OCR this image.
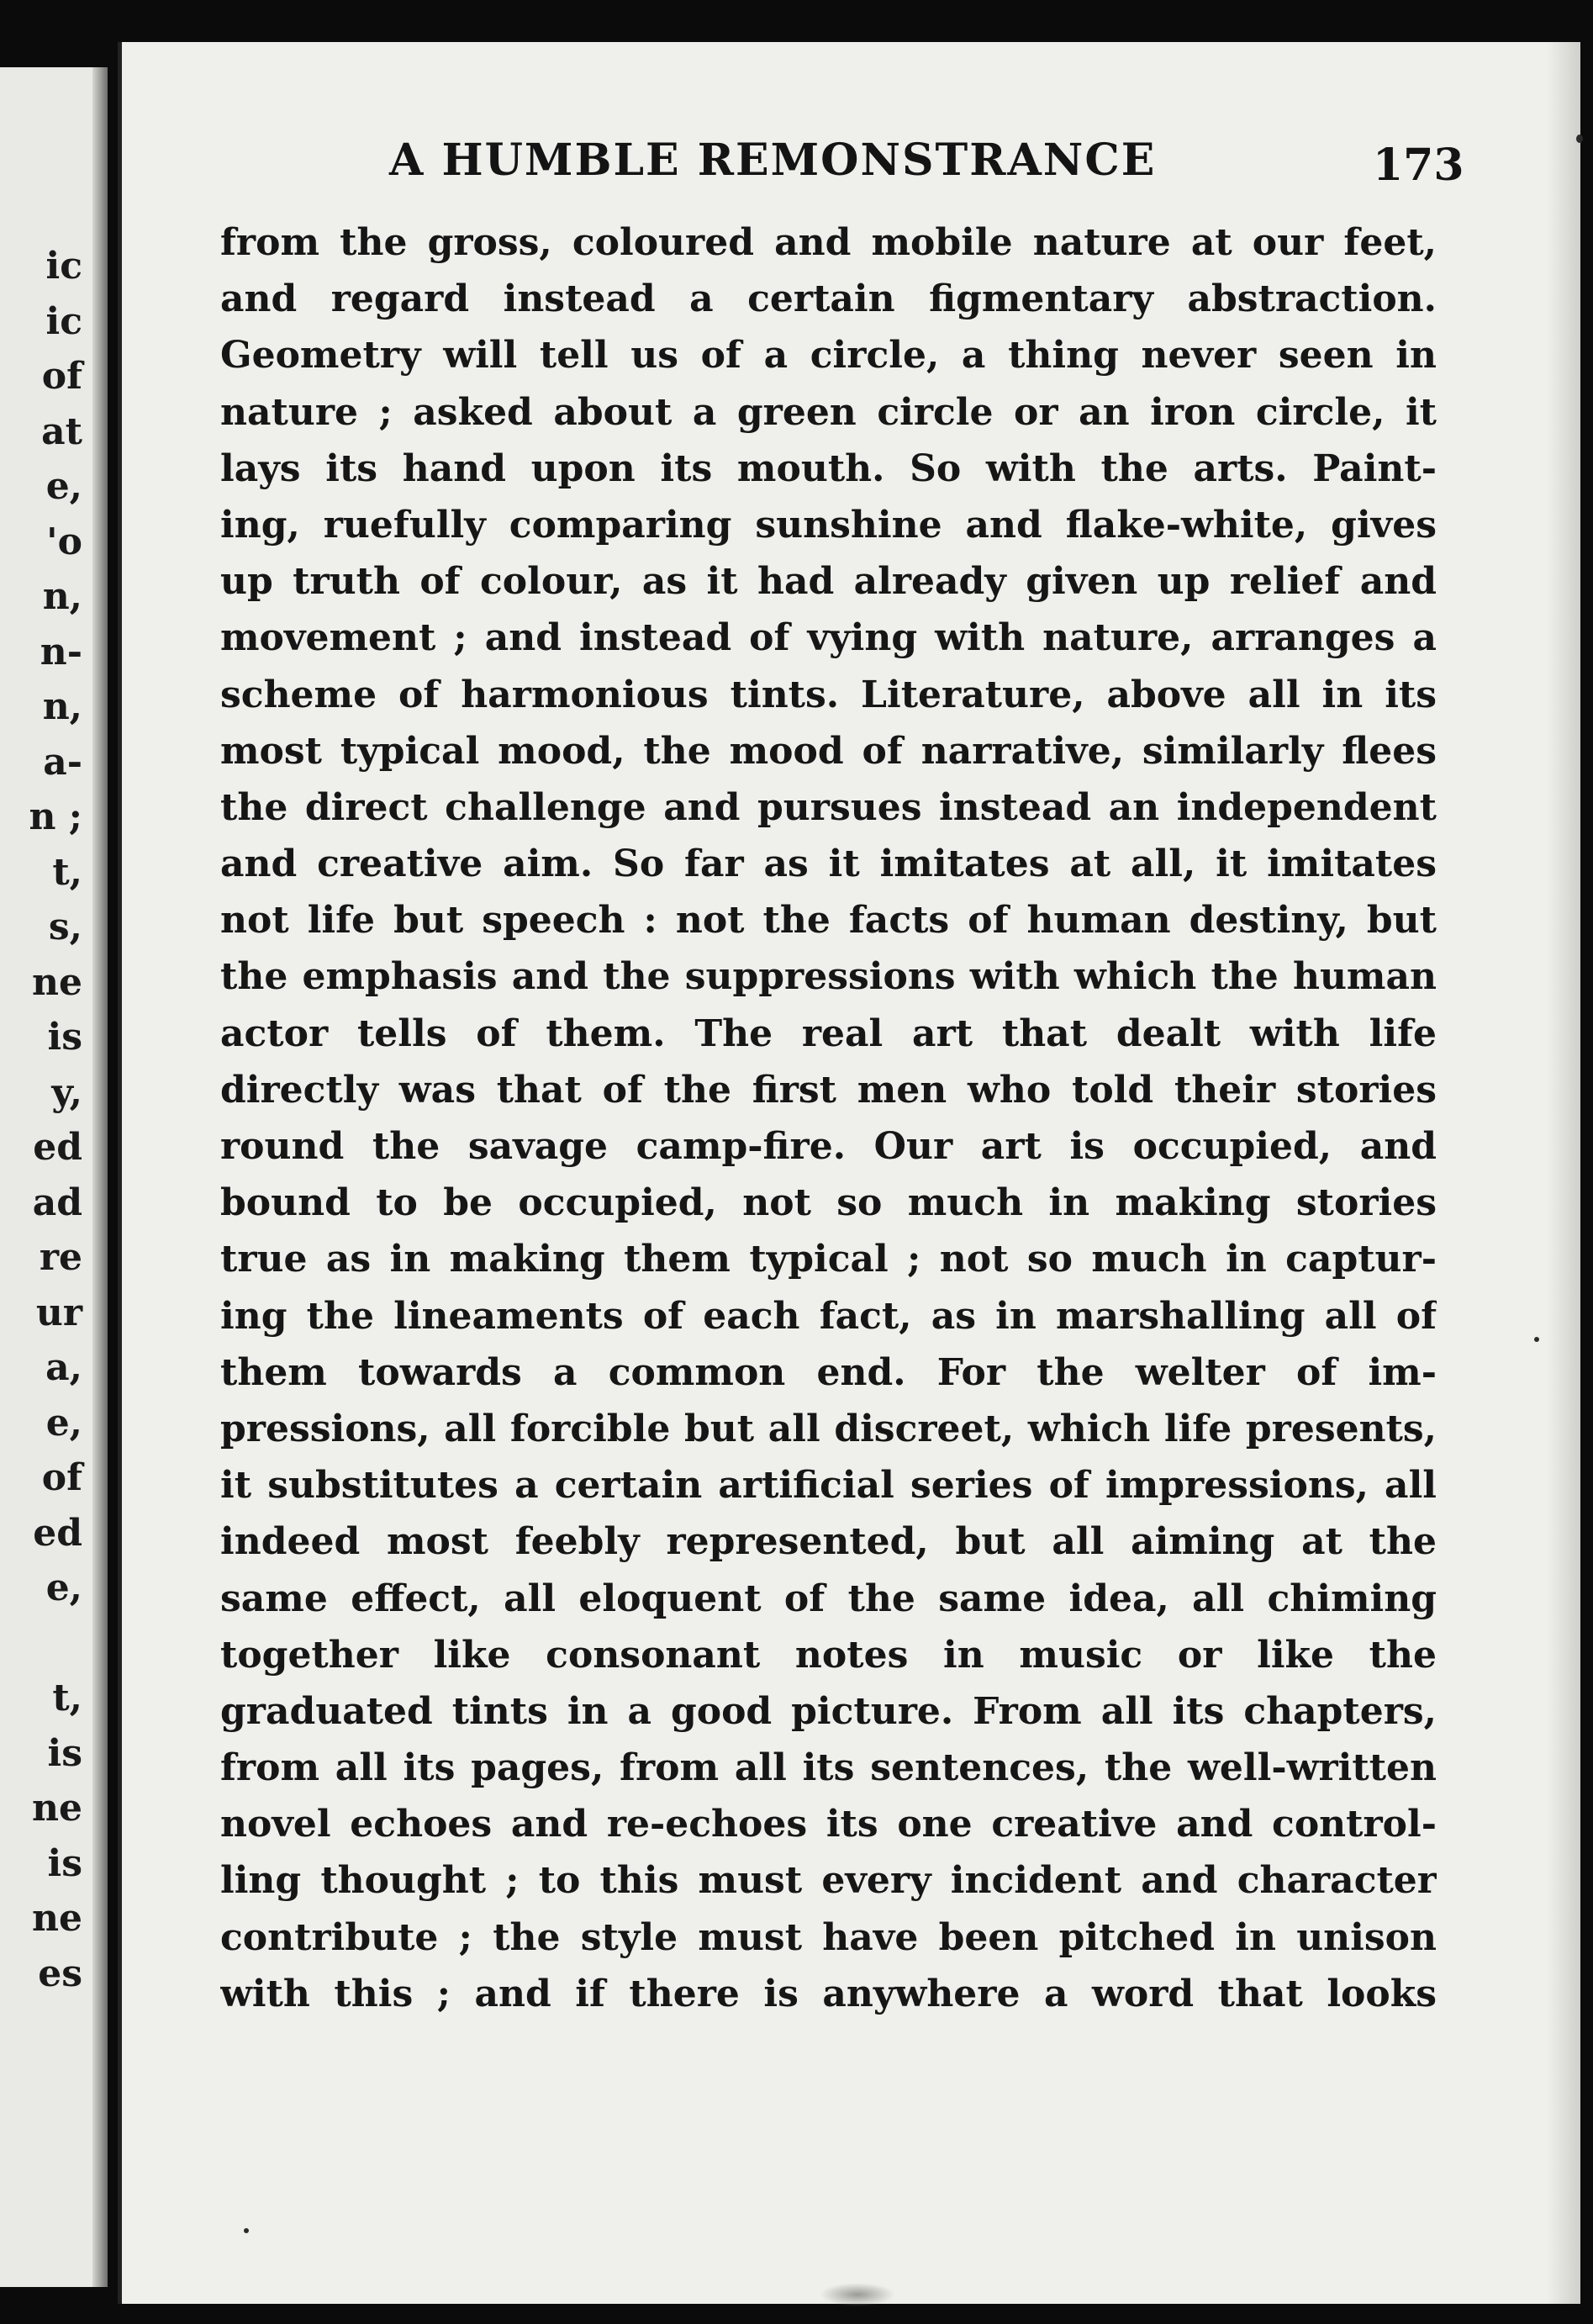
ic
ic
of
at
e,
'o
n,
n-
n,
a-
n ;
t,
s,
ne
is
y,
ed
ad
re
ur
a,
e,
of
ed
e,
t,
is
ne
is
ne
es
A HUMBLE REMONSTRANCE	173
from the gross, coloured and mobile nature at our feet,
and regard instead a certain figmentary abstraction.
Geometry will tell us of a circle, a thing never seen in
nature ; asked about a green circle or an iron circle, it
lays its hand upon its mouth. So with the arts. Paint-
ing, ruefully comparing sunshine and flake-white, gives
up truth of colour, as it had already given up relief and
movement ; and instead of vying with nature, arranges a
scheme of harmonious tints. Literature, above all in its
most typical mood, the mood of narrative, similarly flees
the direct challenge and pursues instead an independent
and creative aim. So far as it imitates at all, it imitates
not life but speech : not the facts of human destiny, but
the emphasis and the suppressions with which the human
actor tells of them. The real art that dealt with life
directly was that of the first men who told their stories
round the savage camp-fire. Our art is occupied, and
bound to be occupied, not so much in making stories
true as in making them typical ; not so much in captur-
ing the lineaments of each fact, as in marshalling all of
them towards a common end. For the welter of im-
pressions, all forcible but all discreet, which life presents,
it substitutes a certain artificial series of impressions, all
indeed most feebly represented, but all aiming at the
same effect, all eloquent of the same idea, all chiming
together like consonant notes in music or like the
graduated tints in a good picture. From all its chapters,
from all its pages, from all its sentences, the well-written
novel echoes and re-echoes its one creative and control-
ling thought ; to this must every incident and character
contribute ; the style must have been pitched in unison
with this ; and if there is anywhere a word that looks
